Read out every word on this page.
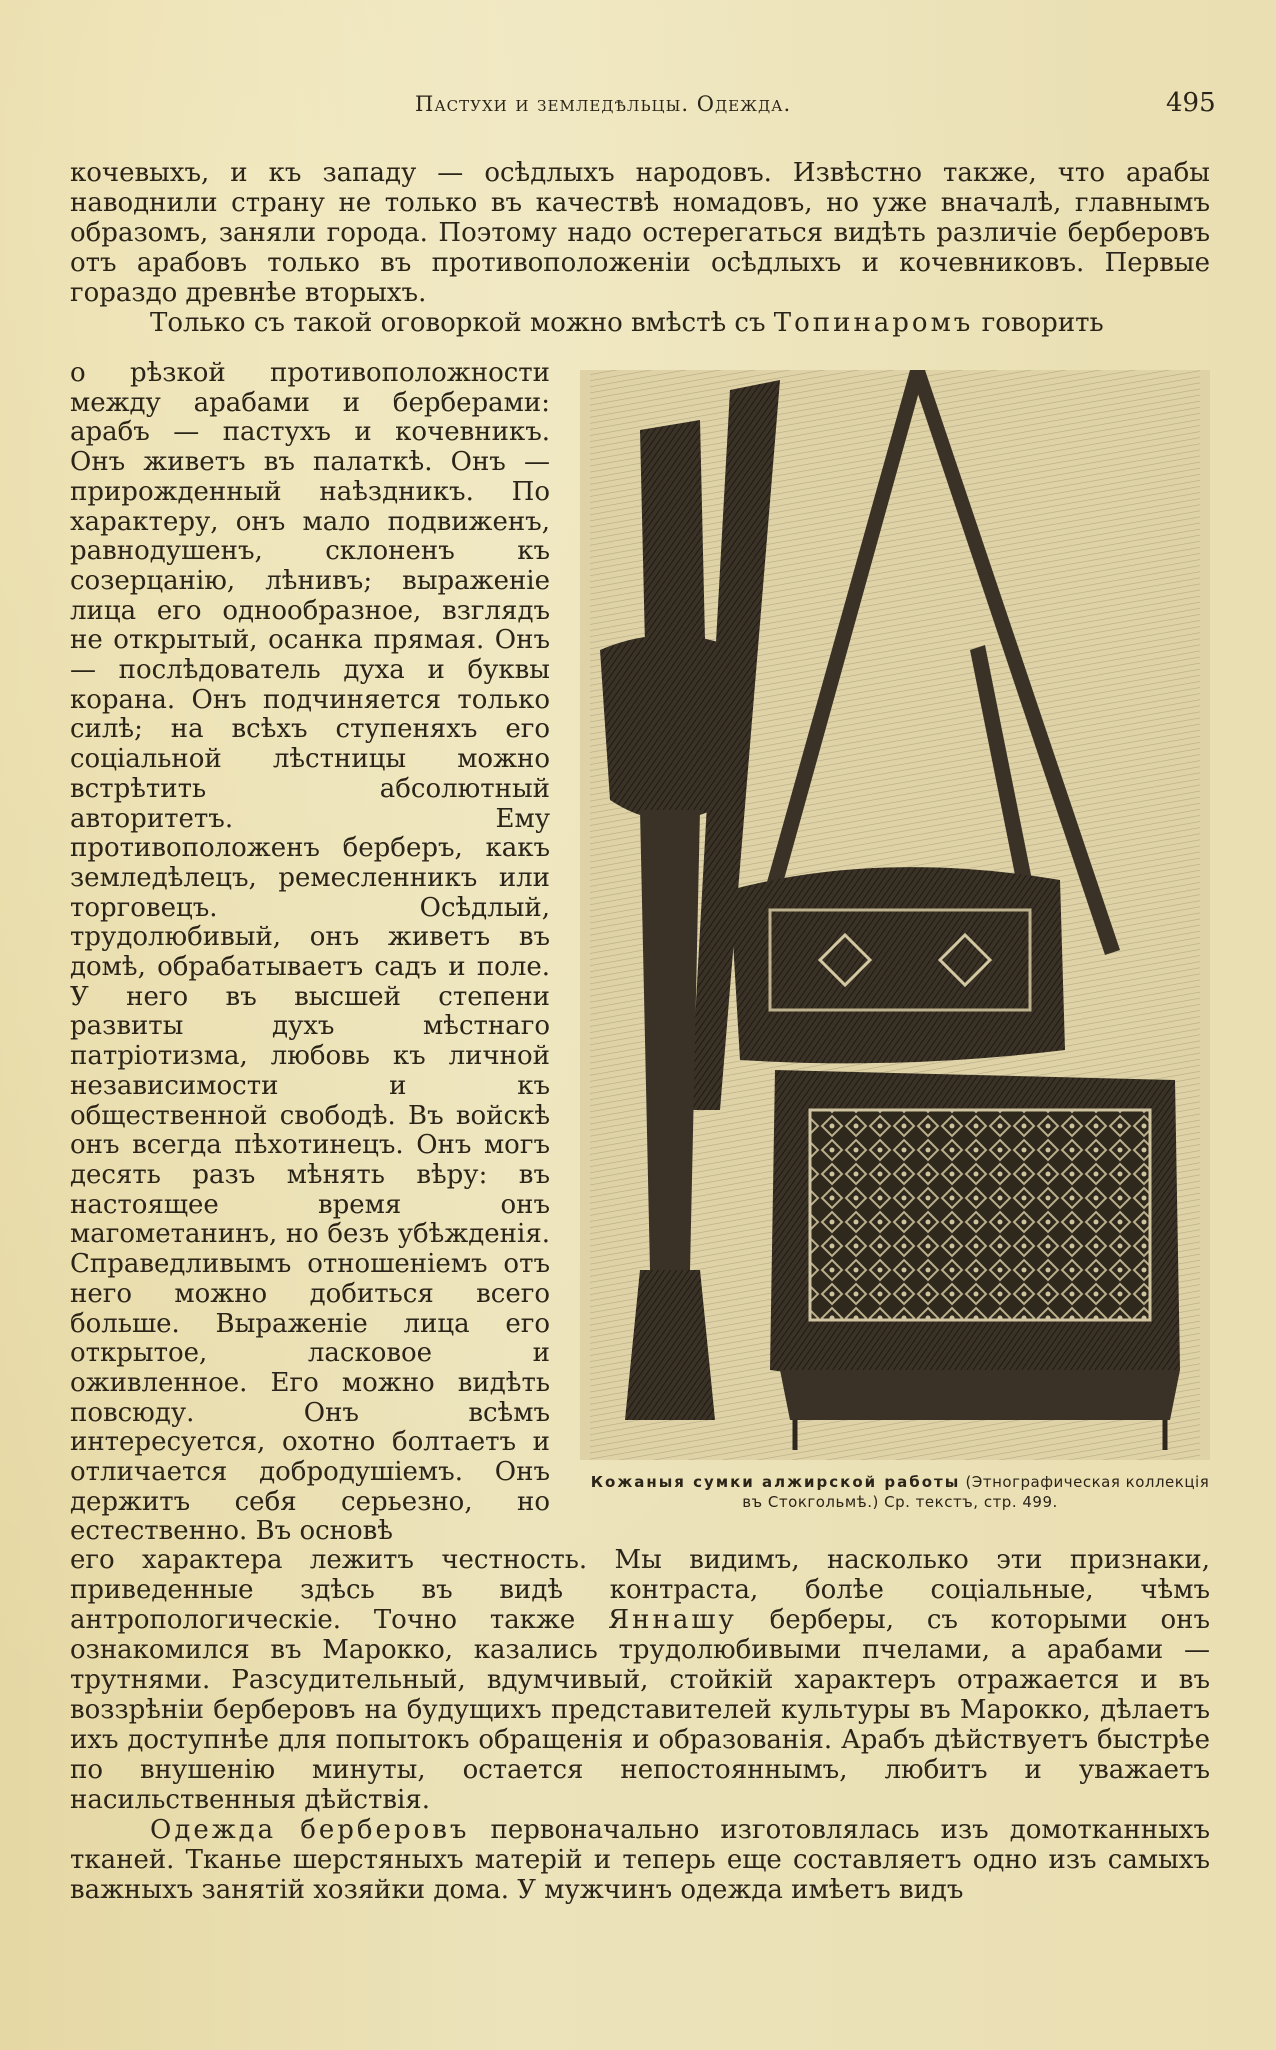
Пастухи и земледѣльцы. Одежда.	495

кочевыхъ, и къ западу — осѣдлыхъ народовъ. Извѣстно также, что арабы наводнили страну не только въ качествѣ номадовъ, но уже вначалѣ, главнымъ образомъ, заняли города. Поэтому надо остерегаться видѣть различіе берберовъ отъ арабовъ только въ противоположеніи осѣдлыхъ и кочевниковъ. Первые гораздо древнѣе вторыхъ.

Только съ такой оговоркой можно вмѣстѣ съ Топинаромъ говорить

о рѣзкой противоположности между арабами и берберами: арабъ — пастухъ и кочевникъ. Онъ живетъ въ палаткѣ. Онъ — прирожденный наѣздникъ. По характеру, онъ мало подвиженъ, равнодушенъ, склоненъ къ созерцанію, лѣнивъ; выраженіе лица его однообразное, взглядъ не открытый, осанка прямая. Онъ — послѣдователь духа и буквы корана. Онъ подчиняется только силѣ; на всѣхъ ступеняхъ его соціальной лѣстницы можно встрѣтить абсолютный авторитетъ. Ему противоположенъ берберъ, какъ земледѣлецъ, ремесленникъ или торговецъ. Осѣдлый, трудолюбивый, онъ живетъ въ домѣ, обрабатываетъ садъ и поле. У него въ высшей степени развиты духъ мѣстнаго патріотизма, любовь къ личной независимости и къ общественной свободѣ. Въ войскѣ онъ всегда пѣхотинецъ. Онъ могъ десять разъ мѣнять вѣру: въ настоящее время онъ магометанинъ, но безъ убѣжденія. Справедливымъ отношеніемъ отъ него можно добиться всего больше. Выраженіе лица его открытое, ласковое и оживленное. Его можно видѣть повсюду. Онъ всѣмъ интересуется, охотно болтаетъ и отличается добродушіемъ. Онъ держитъ себя серьезно, но естественно. Въ основѣ
Кожаныя сумки алжирской работы (Этнографическая коллекція въ Стокгольмѣ.) Ср. текстъ, стр. 499.

его характера лежитъ честность. Мы видимъ, насколько эти признаки, приведенные здѣсь въ видѣ контраста, болѣе соціальные, чѣмъ антропологическіе. Точно также Яннашу берберы, съ которыми онъ ознакомился въ Марокко, казались трудолюбивыми пчелами, а арабами — трутнями. Разсудительный, вдумчивый, стойкій характеръ отражается и въ воззрѣніи берберовъ на будущихъ представителей культуры въ Марокко, дѣлаетъ ихъ доступнѣе для попытокъ обращенія и образованія. Арабъ дѣйствуетъ быстрѣе по внушенію минуты, остается непостояннымъ, любитъ и уважаетъ насильственныя дѣйствія.

Одежда берберовъ первоначально изготовлялась изъ домотканныхъ тканей. Тканье шерстяныхъ матерій и теперь еще составляетъ одно изъ самыхъ важныхъ занятій хозяйки дома. У мужчинъ одежда имѣетъ видъ
